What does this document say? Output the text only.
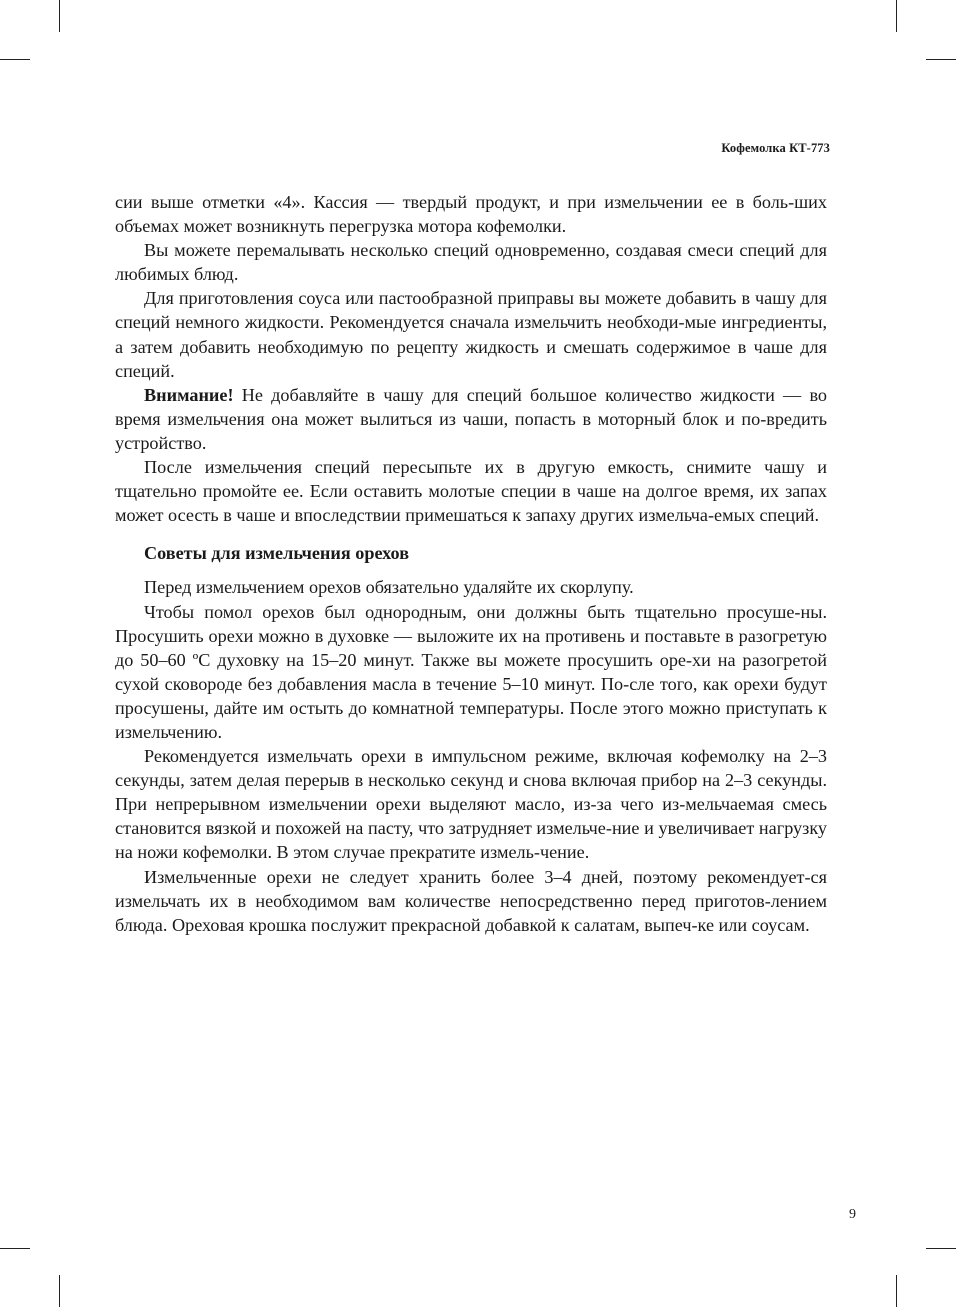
Кофемолка КТ-773

сии выше отметки «4». Кассия — твердый продукт, и при измельчении ее в боль-ших объемах может возникнуть перегрузка мотора кофемолки.

Вы можете перемалывать несколько специй одновременно, создавая смеси специй для любимых блюд.

Для приготовления соуса или пастообразной приправы вы можете добавить в чашу для специй немного жидкости. Рекомендуется сначала измельчить необходи-мые ингредиенты, а затем добавить необходимую по рецепту жидкость и смешать содержимое в чаше для специй.

Внимание! Не добавляйте в чашу для специй большое количество жидкости — во время измельчения она может вылиться из чаши, попасть в моторный блок и по-вредить устройство.

После измельчения специй пересыпьте их в другую емкость, снимите чашу и тщательно промойте ее. Если оставить молотые специи в чаше на долгое время, их запах может осесть в чаше и впоследствии примешаться к запаху других измельча-емых специй.

Советы для измельчения орехов

Перед измельчением орехов обязательно удаляйте их скорлупу.

Чтобы помол орехов был однородным, они должны быть тщательно просуше-ны. Просушить орехи можно в духовке — выложите их на противень и поставьте в разогретую до 50–60 ºС духовку на 15–20 минут. Также вы можете просушить оре-хи на разогретой сухой сковороде без добавления масла в течение 5–10 минут. По-сле того, как орехи будут просушены, дайте им остыть до комнатной температуры. После этого можно приступать к измельчению.

Рекомендуется измельчать орехи в импульсном режиме, включая кофемолку на 2–3 секунды, затем делая перерыв в несколько секунд и снова включая прибор на 2–3 секунды. При непрерывном измельчении орехи выделяют масло, из-за чего из-мельчаемая смесь становится вязкой и похожей на пасту, что затрудняет измельче-ние и увеличивает нагрузку на ножи кофемолки. В этом случае прекратите измель-чение.

Измельченные орехи не следует хранить более 3–4 дней, поэтому рекомендует-ся измельчать их в необходимом вам количестве непосредственно перед приготов-лением блюда. Ореховая крошка послужит прекрасной добавкой к салатам, выпеч-ке или соусам.

9
